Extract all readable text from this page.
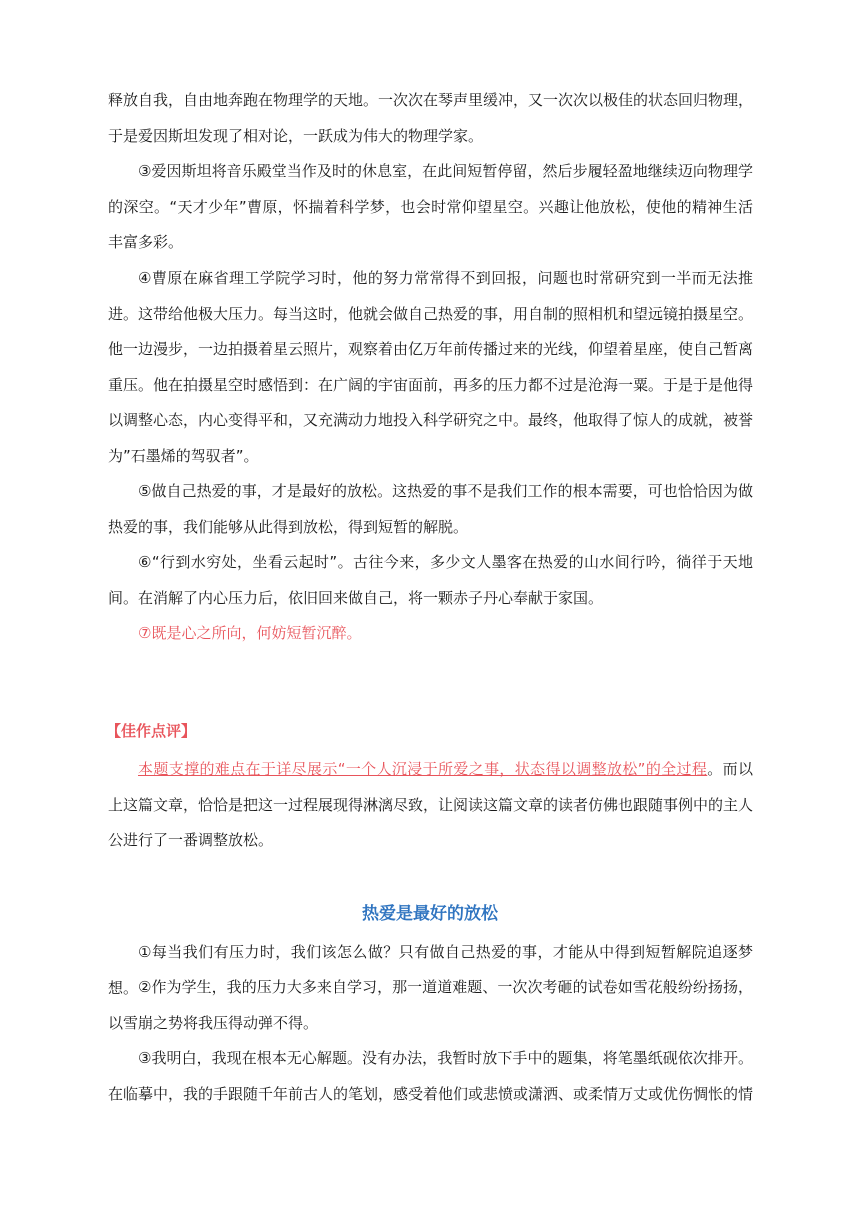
释放自我，自由地奔跑在物理学的天地。一次次在琴声里缓冲，又一次次以极佳的状态回归物理，于是爱因斯坦发现了相对论，一跃成为伟大的物理学家。

③爱因斯坦将音乐殿堂当作及时的休息室，在此间短暂停留，然后步履轻盈地继续迈向物理学的深空。“天才少年”曹原，怀揣着科学梦，也会时常仰望星空。兴趣让他放松，使他的精神生活丰富多彩。

④曹原在麻省理工学院学习时，他的努力常常得不到回报，问题也时常研究到一半而无法推进。这带给他极大压力。每当这时，他就会做自己热爱的事，用自制的照相机和望远镜拍摄星空。他一边漫步，一边拍摄着星云照片，观察着由亿万年前传播过来的光线，仰望着星座，使自己暂离重压。他在拍摄星空时感悟到：在广阔的宇宙面前，再多的压力都不过是沧海一粟。于是于是他得以调整心态，内心变得平和，又充满动力地投入科学研究之中。最终，他取得了惊人的成就，被誉为”石墨烯的驾驭者”。

⑤做自己热爱的事，才是最好的放松。这热爱的事不是我们工作的根本需要，可也恰恰因为做热爱的事，我们能够从此得到放松，得到短暂的解脱。

⑥“行到水穷处，坐看云起时”。古往今来，多少文人墨客在热爱的山水间行吟，徜徉于天地间。在消解了内心压力后，依旧回来做自己，将一颗赤子丹心奉献于家国。

⑦既是心之所向，何妨短暂沉醉。

【佳作点评】

本题支撑的难点在于详尽展示“一个人沉浸于所爱之事，状态得以调整放松”的全过程。而以上这篇文章，恰恰是把这一过程展现得淋漓尽致，让阅读这篇文章的读者仿佛也跟随事例中的主人公进行了一番调整放松。

热爱是最好的放松

①每当我们有压力时，我们该怎么做？只有做自己热爱的事，才能从中得到短暂解院追逐梦想。 ②作为学生，我的压力大多来自学习，那一道道难题、一次次考砸的试卷如雪花般纷纷扬扬，以雪崩之势将我压得动弹不得。

③我明白，我现在根本无心解题。没有办法，我暂时放下手中的题集，将笔墨纸砚依次排开。在临摹中，我的手跟随千年前古人的笔划，感受着他们或悲愤或潇洒、或柔情万丈或优伤惆怅的情
